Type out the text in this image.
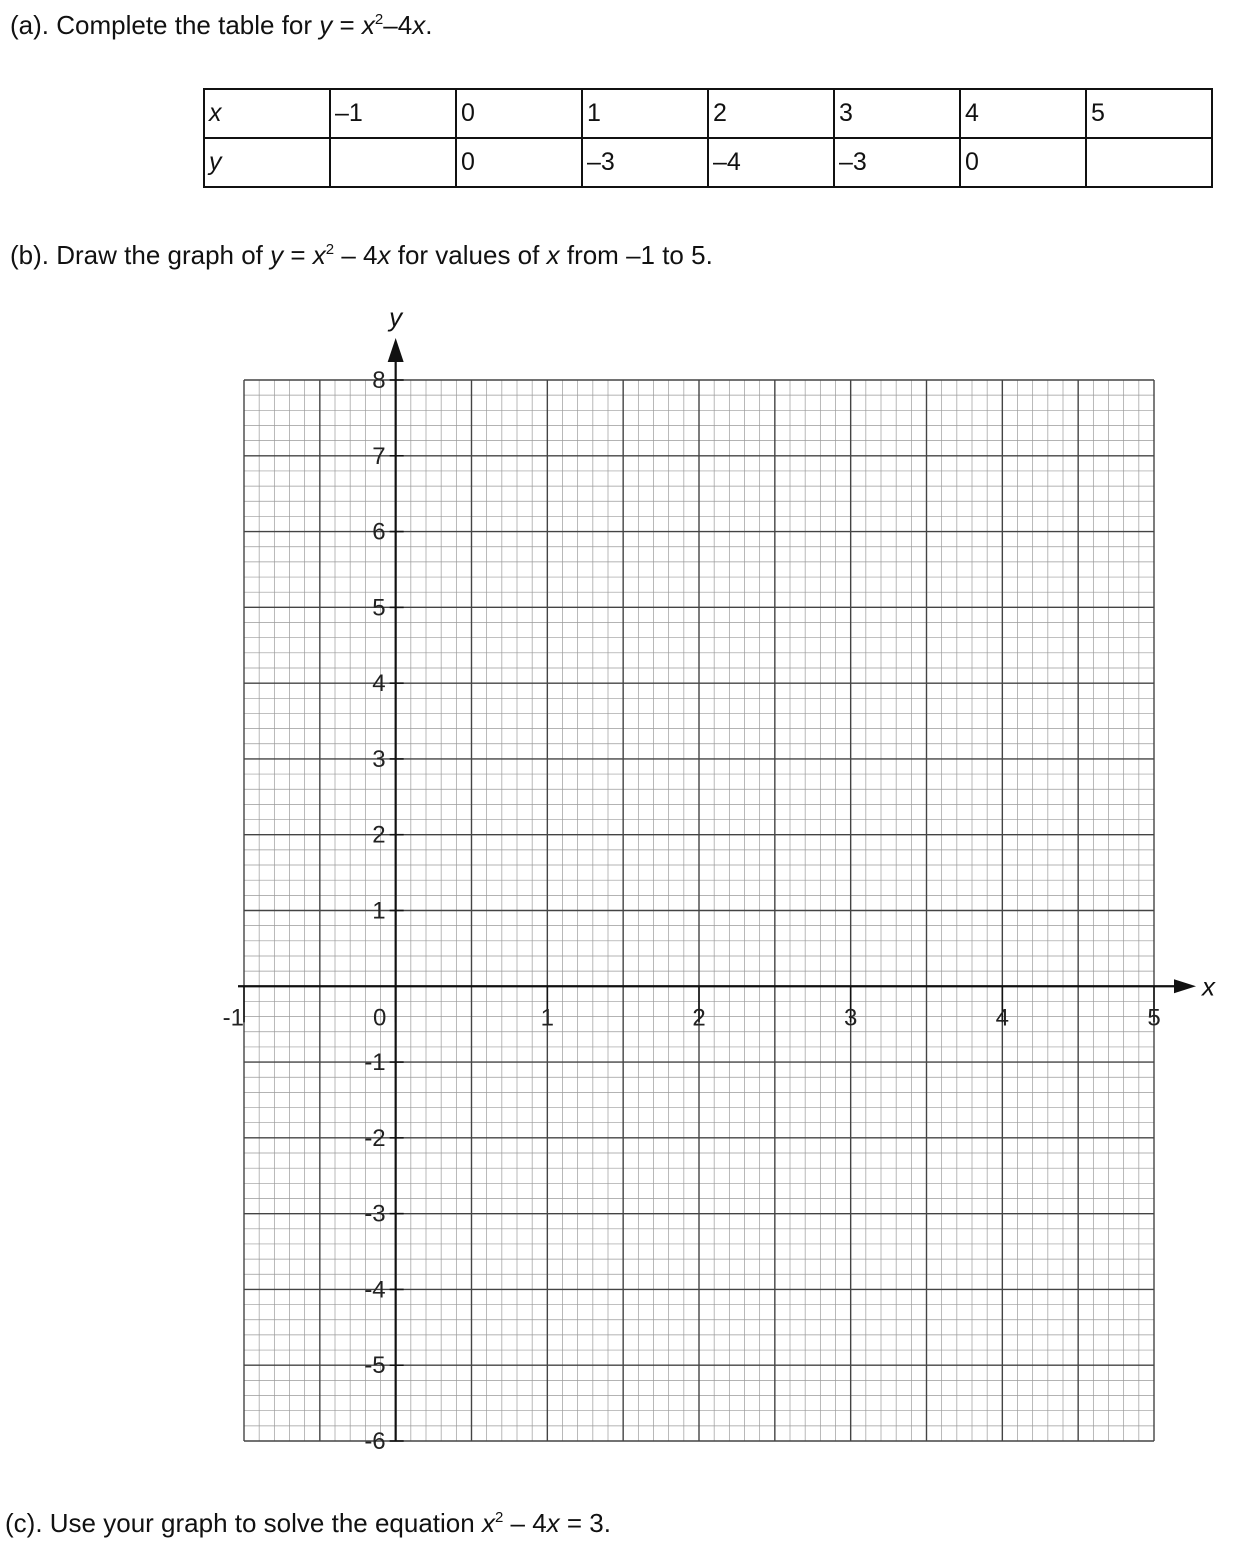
(a). Complete the table for $y = x^2-4x$.
x	–1	0	1	2	3	4	5
y		0	–3	–4	–3	0	
(b). Draw the graph of $y = x^2 - 4x$ for values of x from –1 to 5.
x
y
-1	0	1	2	3	4	5
8
7
6
5
4
3
2
1
-1
-2
-3
-4
-5
-6
(c). Use your graph to solve the equation $x^2 - 4x = 3$.
